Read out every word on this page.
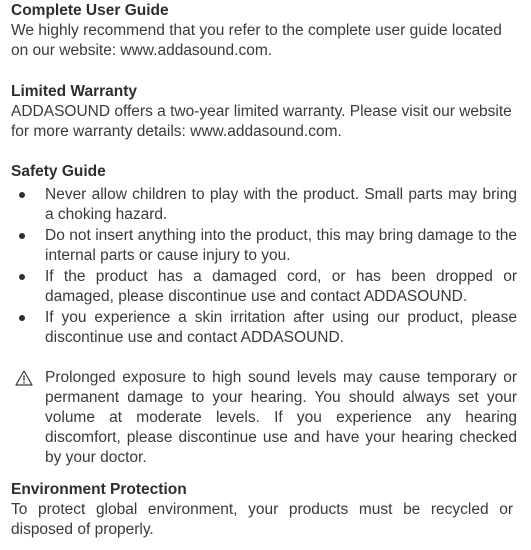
Complete User Guide

We highly recommend that you refer to the complete user guide located on our website: www.addasound.com.

Limited Warranty

ADDASOUND offers a two-year limited warranty. Please visit our website for more warranty details: www.addasound.com.

Safety Guide

Never allow children to play with the product. Small parts may bring a choking hazard.
Do not insert anything into the product, this may bring damage to the internal parts or cause injury to you.
If the product has a damaged cord, or has been dropped or damaged, please discontinue use and contact ADDASOUND.
If you experience a skin irritation after using our product, please discontinue use and contact ADDASOUND.

Prolonged exposure to high sound levels may cause temporary or permanent damage to your hearing. You should always set your volume at moderate levels. If you experience any hearing discomfort, please discontinue use and have your hearing checked by your doctor.

Environment Protection

To protect global environment, your products must be recycled or disposed of properly.
